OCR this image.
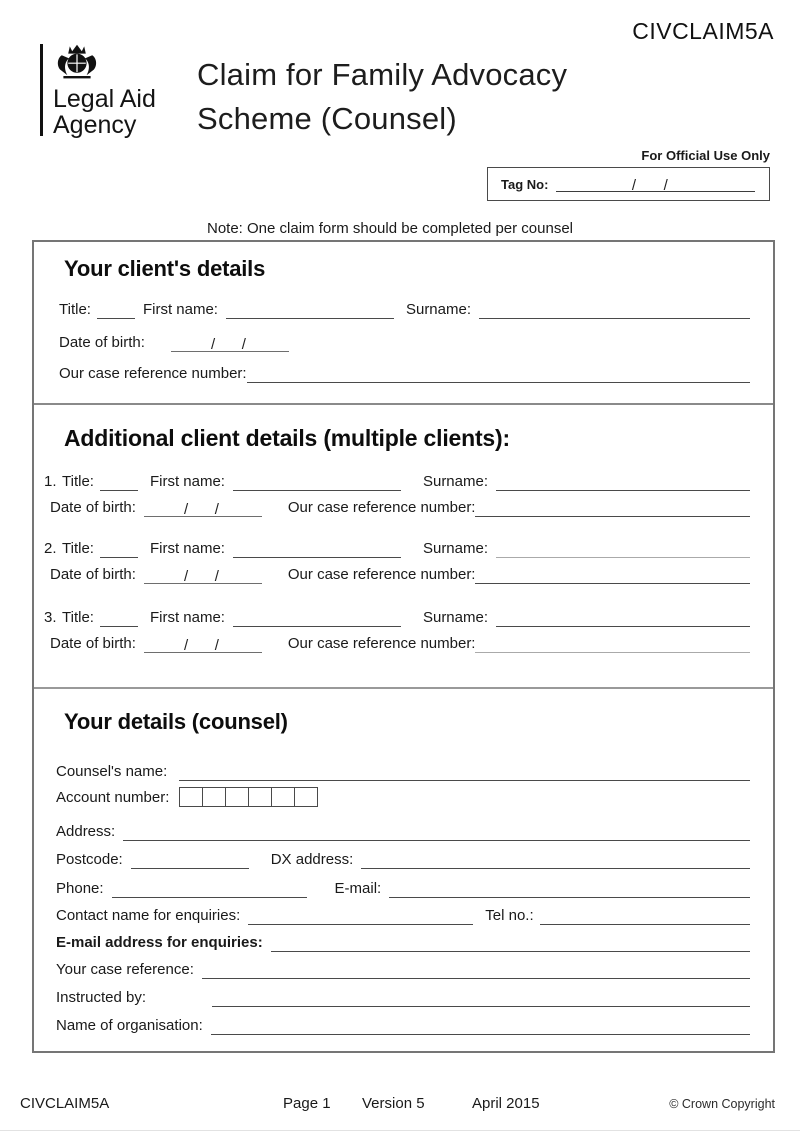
CIVCLAIM5A
Legal Aid
Agency
Claim for Family Advocacy
Scheme (Counsel)
For Official Use Only
Tag No:	/ /
Note: One claim form should be completed per counsel
Your client's details
Title:	First name:	Surname:
Date of birth:	/ /
Our case reference number:
Additional client details (multiple clients):
1. Title:	First name:	Surname:
Date of birth:	/ /	Our case reference number:
2. Title:	First name:	Surname:
Date of birth:	/ /	Our case reference number:
3. Title:	First name:	Surname:
Date of birth:	/ /	Our case reference number:
Your details (counsel)
Counsel's name:
Account number:
Address:
Postcode:	DX address:
Phone:	E-mail:
Contact name for enquiries:	Tel no.:
E-mail address for enquiries:
Your case reference:
Instructed by:
Name of organisation:
CIVCLAIM5A	Page 1 Version 5	April 2015	© Crown Copyright
